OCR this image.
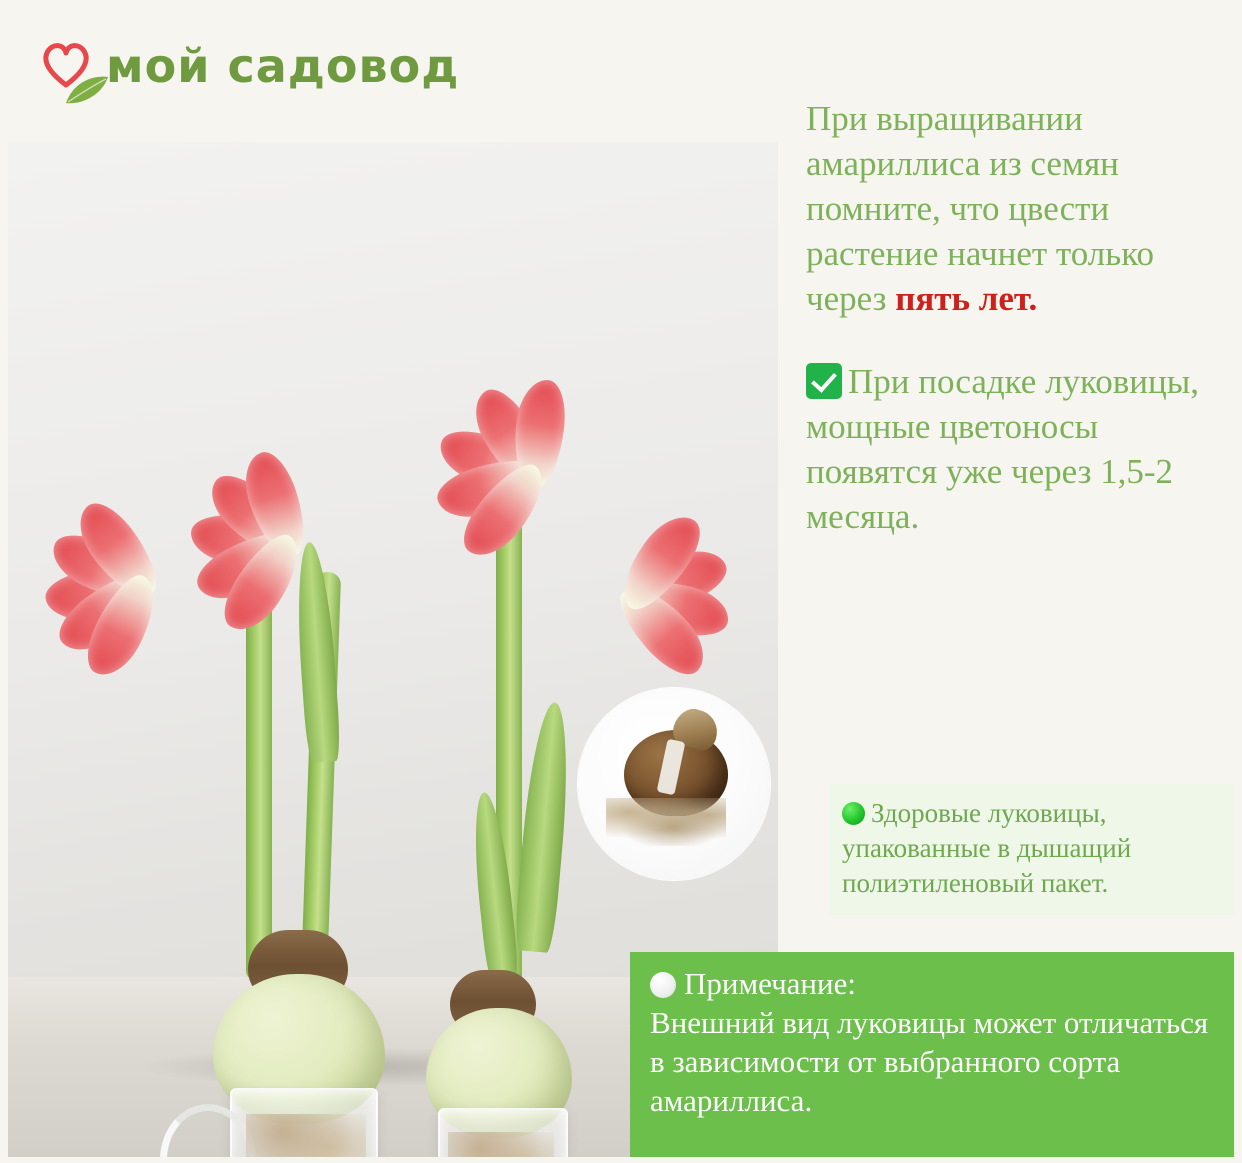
мой садовод
При выращивании амариллиса из семян помните, что цвести растение начнет только через пять лет.
При посадке луковицы, мощные цветоносы появятся уже через 1,5-2 месяца.
Здоровые луковицы, упакованные в дышащий полиэтиленовый пакет.
Примечание:
Внешний вид луковицы может отличаться в зависимости от выбранного сорта амариллиса.
